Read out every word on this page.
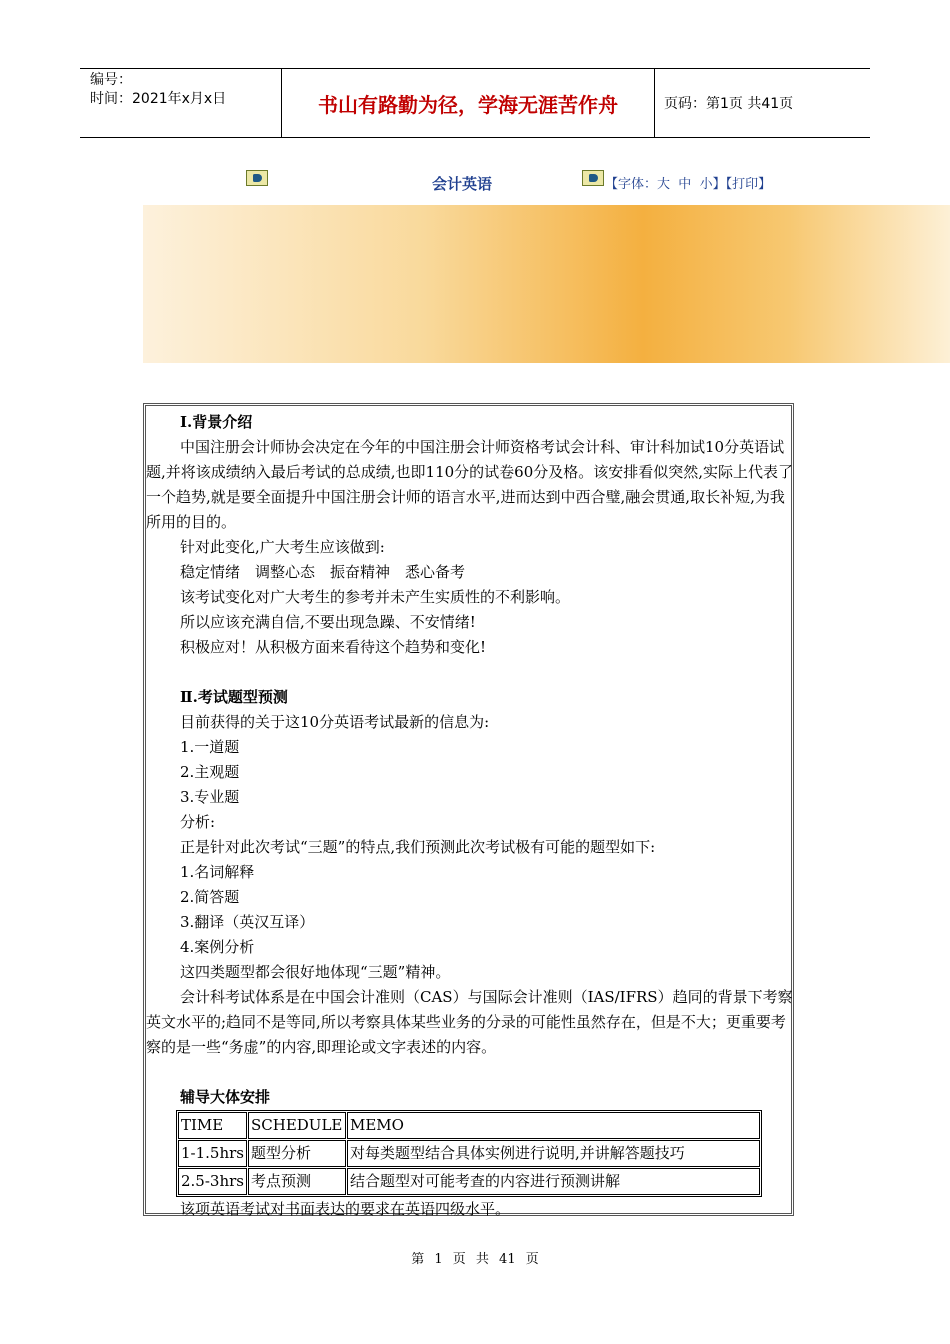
编号：
时间：2021年x月x日	书山有路勤为径，学海无涯苦作舟	页码：第1页 共41页
会计英语	【字体：大 中 小】【打印】

Ⅰ.背景介绍

中国注册会计师协会决定在今年的中国注册会计师资格考试会计科、审计科加试10分英语试题,并将该成绩纳入最后考试的总成绩,也即110分的试卷60分及格。该安排看似突然,实际上代表了一个趋势,就是要全面提升中国注册会计师的语言水平,进而达到中西合璧,融会贯通,取长补短,为我所用的目的。

针对此变化,广大考生应该做到:

稳定情绪　调整心态　振奋精神　悉心备考

该考试变化对广大考生的参考并未产生实质性的不利影响。

所以应该充满自信,不要出现急躁、不安情绪!

积极应对！从积极方面来看待这个趋势和变化!

Ⅱ.考试题型预测

目前获得的关于这10分英语考试最新的信息为:

1.一道题

2.主观题

3.专业题

分析:

正是针对此次考试“三题”的特点,我们预测此次考试极有可能的题型如下:

1.名词解释

2.简答题

3.翻译（英汉互译）

4.案例分析

这四类题型都会很好地体现“三题”精神。

会计科考试体系是在中国会计准则（CAS）与国际会计准则（IAS/IFRS）趋同的背景下考察英文水平的;趋同不是等同,所以考察具体某些业务的分录的可能性虽然存在，但是不大；更重要考察的是一些“务虚”的内容,即理论或文字表述的内容。

辅导大体安排

TIME	SCHEDULE	MEMO
1-1.5hrs	题型分析	对每类题型结合具体实例进行说明,并讲解答题技巧
2.5-3hrs	考点预测	结合题型对可能考查的内容进行预测讲解

该项英语考试对书面表达的要求在英语四级水平。

第 1 页 共 41 页
